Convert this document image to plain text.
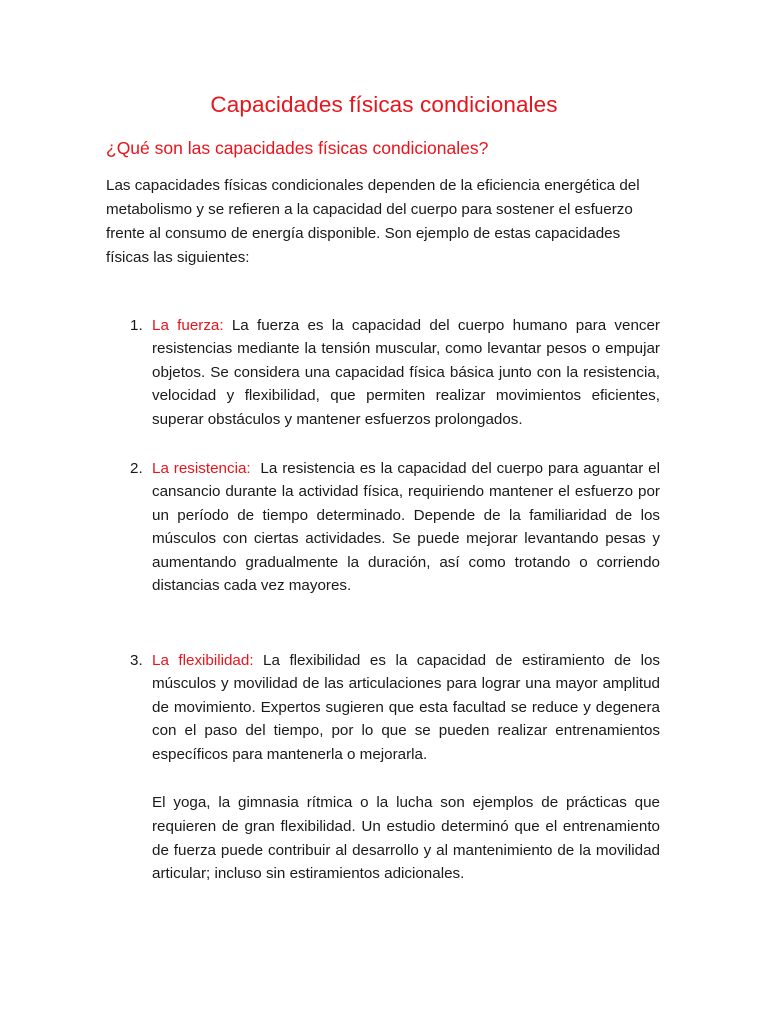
Capacidades físicas condicionales
¿Qué son las capacidades físicas condicionales?

Las capacidades físicas condicionales dependen de la eficiencia energética del metabolismo y se refieren a la capacidad del cuerpo para sostener el esfuerzo frente al consumo de energía disponible. Son ejemplo de estas capacidades físicas las siguientes:

1. La fuerza: La fuerza es la capacidad del cuerpo humano para vencer resistencias mediante la tensión muscular, como levantar pesos o empujar objetos. Se considera una capacidad física básica junto con la resistencia, velocidad y flexibilidad, que permiten realizar movimientos eficientes, superar obstáculos y mantener esfuerzos prolongados.
2. La resistencia:  La resistencia es la capacidad del cuerpo para aguantar el cansancio durante la actividad física, requiriendo mantener el esfuerzo por un período de tiempo determinado. Depende de la familiaridad de los músculos con ciertas actividades. Se puede mejorar levantando pesas y aumentando gradualmente la duración, así como trotando o corriendo distancias cada vez mayores.
3. La flexibilidad: La flexibilidad es la capacidad de estiramiento de los músculos y movilidad de las articulaciones para lograr una mayor amplitud de movimiento. Expertos sugieren que esta facultad se reduce y degenera con el paso del tiempo, por lo que se pueden realizar entrenamientos específicos para mantenerla o mejorarla.

El yoga, la gimnasia rítmica o la lucha son ejemplos de prácticas que requieren de gran flexibilidad. Un estudio determinó que el entrenamiento de fuerza puede contribuir al desarrollo y al mantenimiento de la movilidad articular; incluso sin estiramientos adicionales.
